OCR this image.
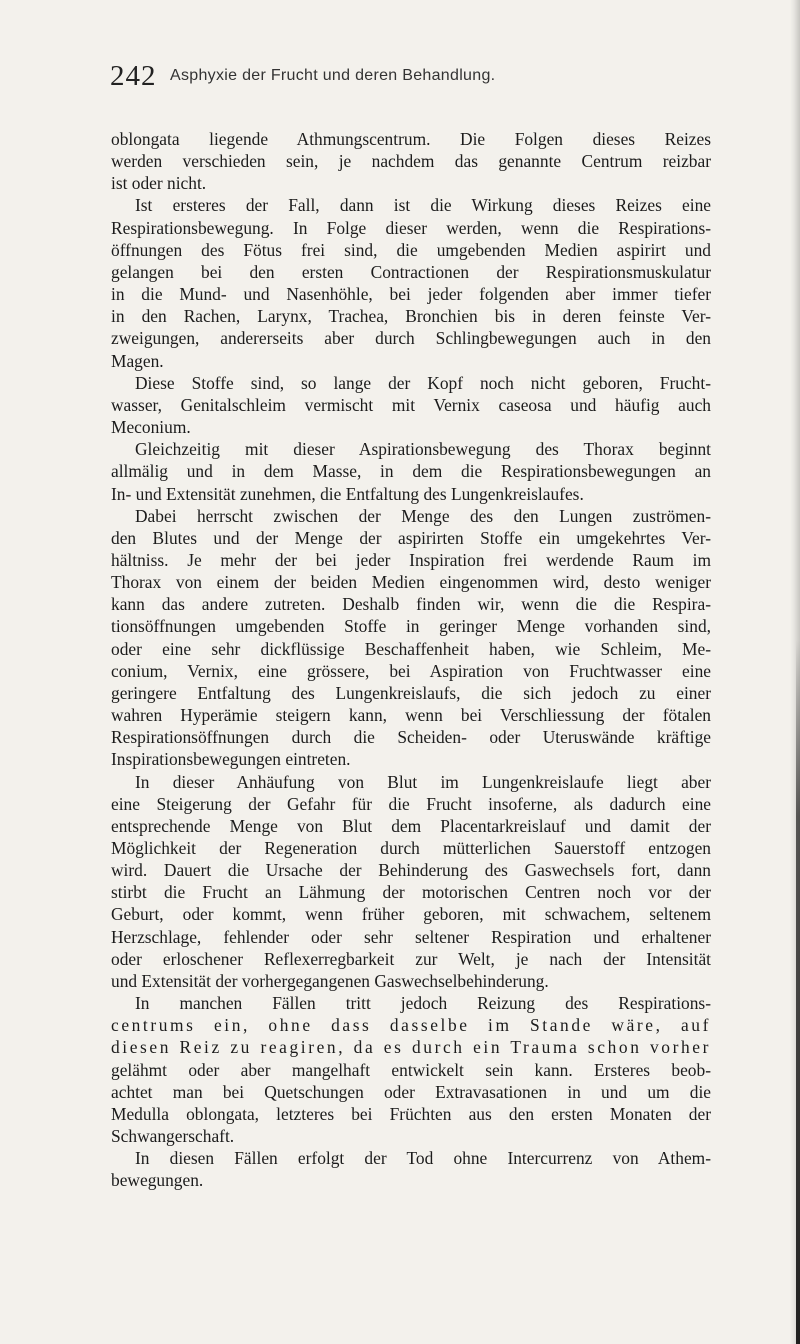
242 Asphyxie der Frucht und deren Behandlung.
oblongata liegende Athmungscentrum. Die Folgen dieses Reizes
werden verschieden sein, je nachdem das genannte Centrum reizbar
ist oder nicht.
Ist ersteres der Fall, dann ist die Wirkung dieses Reizes eine
Respirationsbewegung. In Folge dieser werden, wenn die Respirations-
öffnungen des Fötus frei sind, die umgebenden Medien aspirirt und
gelangen bei den ersten Contractionen der Respirationsmuskulatur
in die Mund- und Nasenhöhle, bei jeder folgenden aber immer tiefer
in den Rachen, Larynx, Trachea, Bronchien bis in deren feinste Ver-
zweigungen, andererseits aber durch Schlingbewegungen auch in den
Magen.
Diese Stoffe sind, so lange der Kopf noch nicht geboren, Frucht-
wasser, Genitalschleim vermischt mit Vernix caseosa und häufig auch
Meconium.
Gleichzeitig mit dieser Aspirationsbewegung des Thorax beginnt
allmälig und in dem Masse, in dem die Respirationsbewegungen an
In- und Extensität zunehmen, die Entfaltung des Lungenkreislaufes.
Dabei herrscht zwischen der Menge des den Lungen zuströmen-
den Blutes und der Menge der aspirirten Stoffe ein umgekehrtes Ver-
hältniss. Je mehr der bei jeder Inspiration frei werdende Raum im
Thorax von einem der beiden Medien eingenommen wird, desto weniger
kann das andere zutreten. Deshalb finden wir, wenn die die Respira-
tionsöffnungen umgebenden Stoffe in geringer Menge vorhanden sind,
oder eine sehr dickflüssige Beschaffenheit haben, wie Schleim, Me-
conium, Vernix, eine grössere, bei Aspiration von Fruchtwasser eine
geringere Entfaltung des Lungenkreislaufs, die sich jedoch zu einer
wahren Hyperämie steigern kann, wenn bei Verschliessung der fötalen
Respirationsöffnungen durch die Scheiden- oder Uteruswände kräftige
Inspirationsbewegungen eintreten.
In dieser Anhäufung von Blut im Lungenkreislaufe liegt aber
eine Steigerung der Gefahr für die Frucht insoferne, als dadurch eine
entsprechende Menge von Blut dem Placentarkreislauf und damit der
Möglichkeit der Regeneration durch mütterlichen Sauerstoff entzogen
wird. Dauert die Ursache der Behinderung des Gaswechsels fort, dann
stirbt die Frucht an Lähmung der motorischen Centren noch vor der
Geburt, oder kommt, wenn früher geboren, mit schwachem, seltenem
Herzschlage, fehlender oder sehr seltener Respiration und erhaltener
oder erloschener Reflexerregbarkeit zur Welt, je nach der Intensität
und Extensität der vorhergegangenen Gaswechselbehinderung.
In manchen Fällen tritt jedoch Reizung des Respirations-
centrums ein, ohne dass dasselbe im Stande wäre, auf
diesen Reiz zu reagiren, da es durch ein Trauma schon vorher
gelähmt oder aber mangelhaft entwickelt sein kann. Ersteres beob-
achtet man bei Quetschungen oder Extravasationen in und um die
Medulla oblongata, letzteres bei Früchten aus den ersten Monaten der
Schwangerschaft.
In diesen Fällen erfolgt der Tod ohne Intercurrenz von Athem-
bewegungen.
